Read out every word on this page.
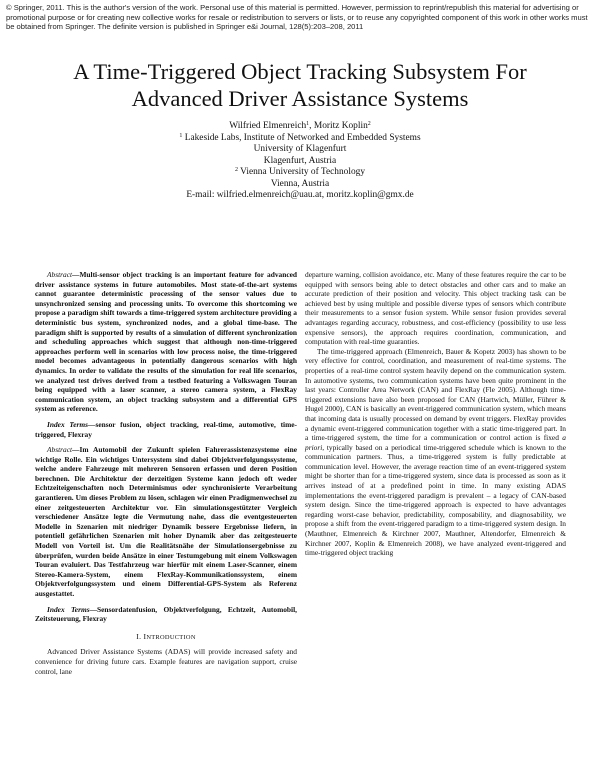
© Springer, 2011. This is the author's version of the work. Personal use of this material is permitted. However, permission to reprint/republish this material for advertising or promotional purpose or for creating new collective works for resale or redistribution to servers or lists, or to reuse any copyrighted component of this work in other works must be obtained from Springer. The definite version is published in Springer e&i Journal, 128(5):203–208, 2011
A Time-Triggered Object Tracking Subsystem For
Advanced Driver Assistance Systems
Wilfried Elmenreich$^1$, Moritz Koplin$^2$
$^1$ Lakeside Labs, Institute of Networked and Embedded Systems
University of Klagenfurt
Klagenfurt, Austria
$^2$ Vienna University of Technology
Vienna, Austria
E-mail: wilfried.elmenreich@uau.at, moritz.koplin@gmx.de

Abstract—Multi-sensor object tracking is an important feature for advanced driver assistance systems in future automobiles. Most state-of-the-art systems cannot guarantee deterministic processing of the sensor values due to unsynchronized sensing and processing units. To overcome this shortcoming we propose a paradigm shift towards a time-triggered system architecture providing a deterministic bus system, synchronized nodes, and a global time-base. The paradigm shift is supported by results of a simulation of different synchronization and scheduling approaches which suggest that although non-time-triggered approaches perform well in scenarios with low process noise, the time-triggered model becomes advantageous in potentially dangerous scenarios with high dynamics. In order to validate the results of the simulation for real life scenarios, we analyzed test drives derived from a testbed featuring a Volkswagen Touran being equipped with a laser scanner, a stereo camera system, a FlexRay communication system, an object tracking subsystem and a differential GPS system as reference.

Index Terms—sensor fusion, object tracking, real-time, automotive, time-triggered, Flexray

Abstract—Im Automobil der Zukunft spielen Fahrerassistenzsysteme eine wichtige Rolle. Ein wichtiges Untersystem sind dabei Objektverfolgungssysteme, welche andere Fahrzeuge mit mehreren Sensoren erfassen und deren Position berechnen. Die Architektur der derzeitigen Systeme kann jedoch oft weder Echtzeiteigenschaften noch Determinismus oder synchronisierte Verarbeitung garantieren. Um dieses Problem zu lösen, schlagen wir einen Pradigmenwechsel zu einer zeitgesteuerten Architektur vor. Ein simulationsgestützter Vergleich verschiedener Ansätze legte die Vermutung nahe, dass die eventgesteuerten Modelle in Szenarien mit niedriger Dynamik bessere Ergebnisse liefern, in potentiell gefährlichen Szenarien mit hoher Dynamik aber das zeitgesteuerte Modell von Vorteil ist. Um die Realitätsnähe der Simulationsergebnisse zu überprüfen, wurden beide Ansätze in einer Testumgebung mit einem Volkswagen Touran evaluiert. Das Testfahrzeug war hierfür mit einem Laser-Scanner, einem Stereo-Kamera-System, einem FlexRay-Kommunikationssystem, einem Objektverfolgungssystem und einem Differential-GPS-System als Referenz ausgestattet.

Index Terms—Sensordatenfusion, Objektverfolgung, Echtzeit, Automobil, Zeitsteuerung, Flexray

I. INTRODUCTION

Advanced Driver Assistance Systems (ADAS) will provide increased safety and convenience for driving future cars. Example features are navigation support, cruise control, lane

departure warning, collision avoidance, etc. Many of these features require the car to be equipped with sensors being able to detect obstacles and other cars and to make an accurate prediction of their position and velocity. This object tracking task can be achieved best by using multiple and possible diverse types of sensors which contribute their measurements to a sensor fusion system. While sensor fusion provides several advantages regarding accuracy, robustness, and cost-efficiency (possibility to use less expensive sensors), the approach requires coordination, communication, and computation with real-time guaranties.

The time-triggered approach (Elmenreich, Bauer & Kopetz 2003) has shown to be very effective for control, coordination, and measurement of real-time systems. The properties of a real-time control system heavily depend on the communication system. In automotive systems, two communication systems have been quite prominent in the last years: Controller Area Network (CAN) and FlexRay (Fle 2005). Although time-triggered extensions have also been proposed for CAN (Hartwich, Müller, Führer & Hugel 2000), CAN is basically an event-triggered communication system, which means that incoming data is usually processed on demand by event triggers. FlexRay provides a dynamic event-triggered communication together with a static time-triggered part. In a time-triggered system, the time for a communication or control action is fixed a priori, typically based on a periodical time-triggered schedule which is known to the communication partners. Thus, a time-triggered system is fully predictable at communication level. However, the average reaction time of an event-triggered system might be shorter than for a time-triggered system, since data is processed as soon as it arrives instead of at a predefined point in time. In many existing ADAS implementations the event-triggered paradigm is prevalent – a legacy of CAN-based system design. Since the time-triggered approach is expected to have advantages regarding worst-case behavior, predictability, composability, and diagnosability, we propose a shift from the event-triggered paradigm to a time-triggered system design. In (Mauthner, Elmenreich & Kirchner 2007, Mauthner, Altendorfer, Elmenreich & Kirchner 2007, Koplin & Elmenreich 2008), we have analyzed event-triggered and time-triggered object tracking
